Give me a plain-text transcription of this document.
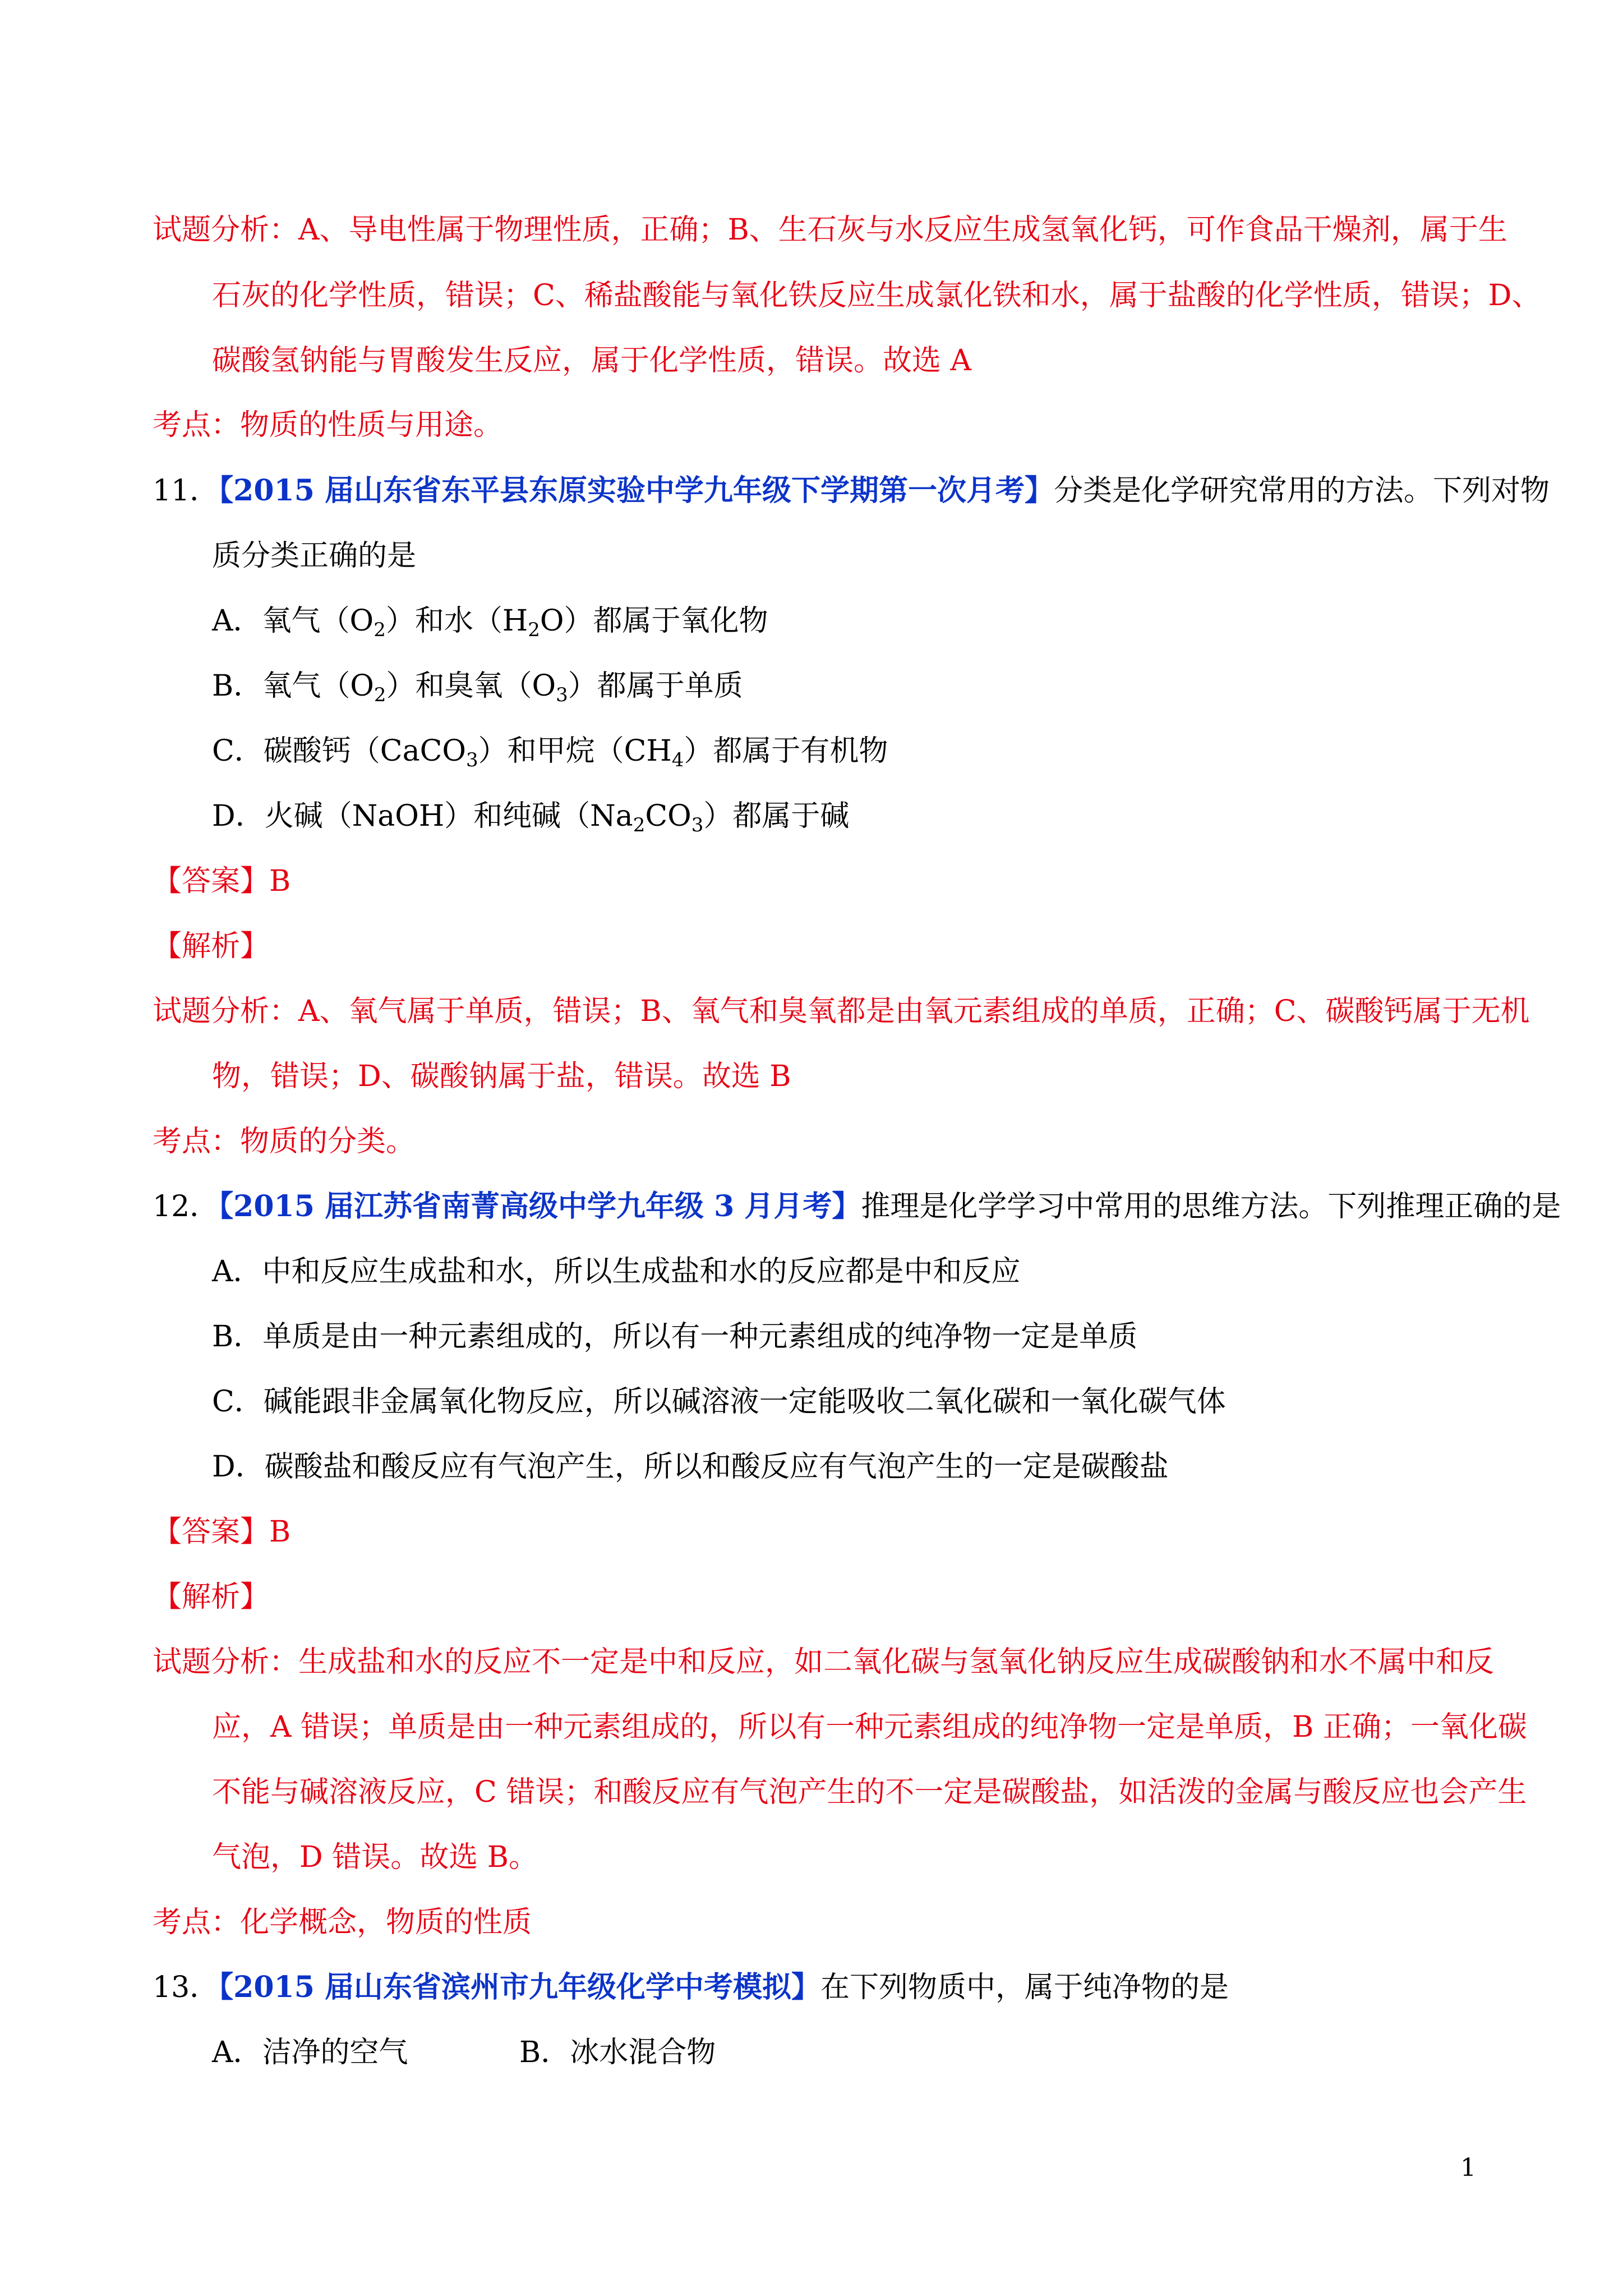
试题分析：A、导电性属于物理性质，正确；B、生石灰与水反应生成氢氧化钙，可作食品干燥剂，属于生
石灰的化学性质，错误；C、稀盐酸能与氧化铁反应生成氯化铁和水，属于盐酸的化学性质，错误；D、
碳酸氢钠能与胃酸发生反应，属于化学性质，错误。故选 A
考点：物质的性质与用途。
11．【2015 届山东省东平县东原实验中学九年级下学期第一次月考】分类是化学研究常用的方法。下列对物
质分类正确的是
A．氧气$(O_2)$和水$(H_2O)$都属于氧化物
B．氧气$(O_2)$和臭氧$(O_3)$都属于单质
C．碳酸钙（CaCO$_3$）和甲烷$(CH_4)$都属于有机物
D．火碱（NaOH）和纯碱$(Na_2CO_3)$都属于碱
【答案】B
【解析】
试题分析：A、氧气属于单质，错误；B、氧气和臭氧都是由氧元素组成的单质，正确；C、碳酸钙属于无机
物，错误；D、碳酸钠属于盐，错误。故选 B
考点：物质的分类。
12．【2015 届江苏省南菁高级中学九年级 3 月月考】推理是化学学习中常用的思维方法。下列推理正确的是
A．中和反应生成盐和水，所以生成盐和水的反应都是中和反应
B．单质是由一种元素组成的，所以有一种元素组成的纯净物一定是单质
C．碱能跟非金属氧化物反应，所以碱溶液一定能吸收二氧化碳和一氧化碳气体
D．碳酸盐和酸反应有气泡产生，所以和酸反应有气泡产生的一定是碳酸盐
【答案】B
【解析】
试题分析：生成盐和水的反应不一定是中和反应，如二氧化碳与氢氧化钠反应生成碳酸钠和水不属中和反
应，A 错误；单质是由一种元素组成的，所以有一种元素组成的纯净物一定是单质，B 正确；一氧化碳
不能与碱溶液反应，C 错误；和酸反应有气泡产生的不一定是碳酸盐，如活泼的金属与酸反应也会产生
气泡，D 错误。故选 B。
考点：化学概念，物质的性质
13．【2015 届山东省滨州市九年级化学中考模拟】在下列物质中，属于纯净物的是
A．洁净的空气	B．冰水混合物
1
